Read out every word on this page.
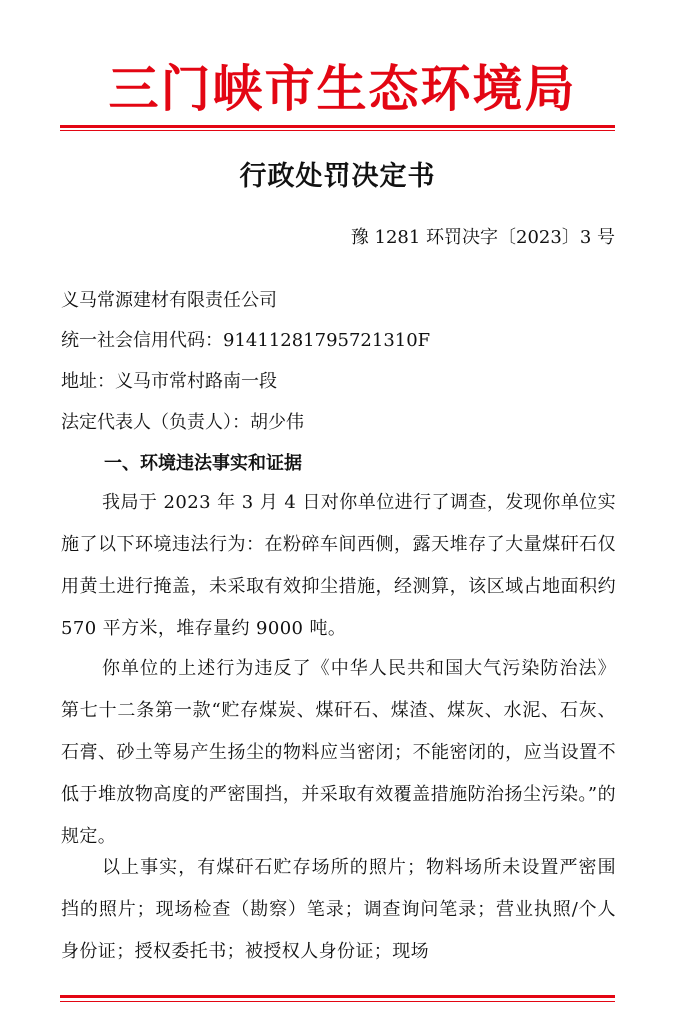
三门峡市生态环境局
行政处罚决定书
豫 1281 环罚决字〔2023〕3 号
义马常源建材有限责任公司
统一社会信用代码：91411281795721310F
地址：义马市常村路南一段
法定代表人（负责人）：胡少伟
一、环境违法事实和证据
我局于 2023 年 3 月 4 日对你单位进行了调查，发现你单位实施了以下环境违法行为：在粉碎车间西侧，露天堆存了大量煤矸石仅用黄土进行掩盖，未采取有效抑尘措施，经测算，该区域占地面积约 570 平方米，堆存量约 9000 吨。
你单位的上述行为违反了《中华人民共和国大气污染防治法》第七十二条第一款“贮存煤炭、煤矸石、煤渣、煤灰、水泥、石灰、石膏、砂土等易产生扬尘的物料应当密闭；不能密闭的，应当设置不低于堆放物高度的严密围挡，并采取有效覆盖措施防治扬尘污染。”的规定。
以上事实，有煤矸石贮存场所的照片；物料场所未设置严密围挡的照片；现场检查（勘察）笔录；调查询问笔录；营业执照/个人身份证；授权委托书；被授权人身份证；现场
